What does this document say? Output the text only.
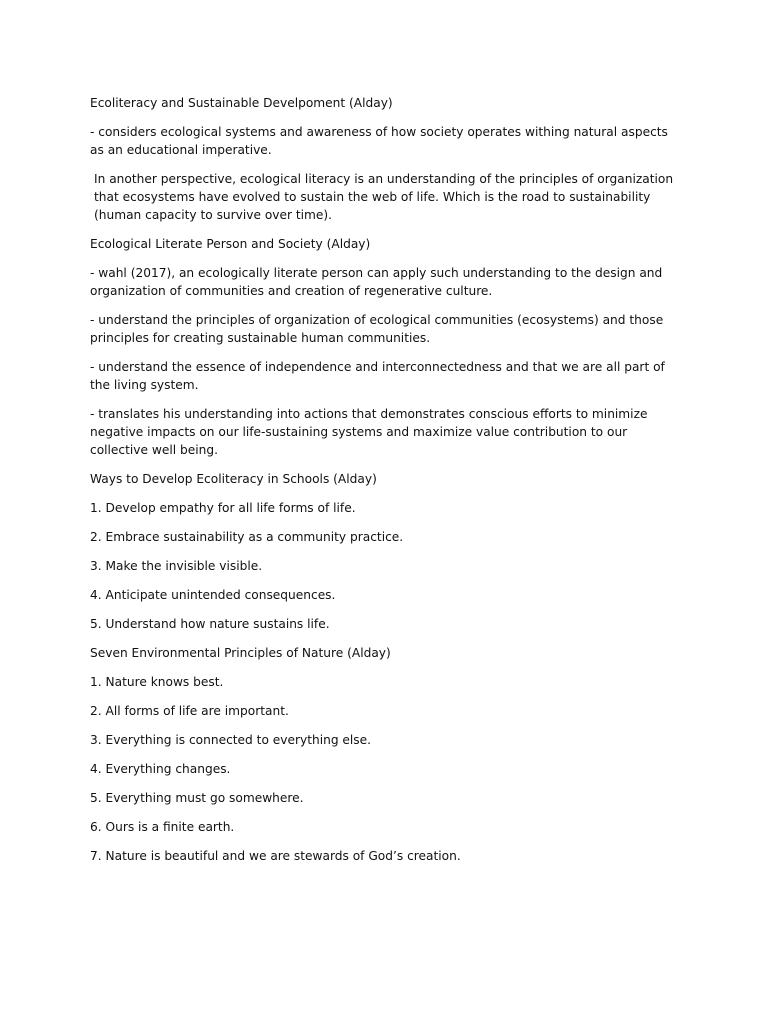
Ecoliteracy and Sustainable Develpoment (Alday)

- considers ecological systems and awareness of how society operates withing natural aspects as an educational imperative.

In another perspective, ecological literacy is an understanding of the principles of organization that ecosystems have evolved to sustain the web of life. Which is the road to sustainability (human capacity to survive over time).

Ecological Literate Person and Society (Alday)

- wahl (2017), an ecologically literate person can apply such understanding to the design and organization of communities and creation of regenerative culture.

- understand the principles of organization of ecological communities (ecosystems) and those principles for creating sustainable human communities.

- understand the essence of independence and interconnectedness and that we are all part of the living system.

- translates his understanding into actions that demonstrates conscious efforts to minimize negative impacts on our life-sustaining systems and maximize value contribution to our collective well being.

Ways to Develop Ecoliteracy in Schools (Alday)

1. Develop empathy for all life forms of life.

2. Embrace sustainability as a community practice.

3. Make the invisible visible.

4. Anticipate unintended consequences.

5. Understand how nature sustains life.

Seven Environmental Principles of Nature (Alday)

1. Nature knows best.

2. All forms of life are important.

3. Everything is connected to everything else.

4. Everything changes.

5. Everything must go somewhere.

6. Ours is a finite earth.

7. Nature is beautiful and we are stewards of God’s creation.
